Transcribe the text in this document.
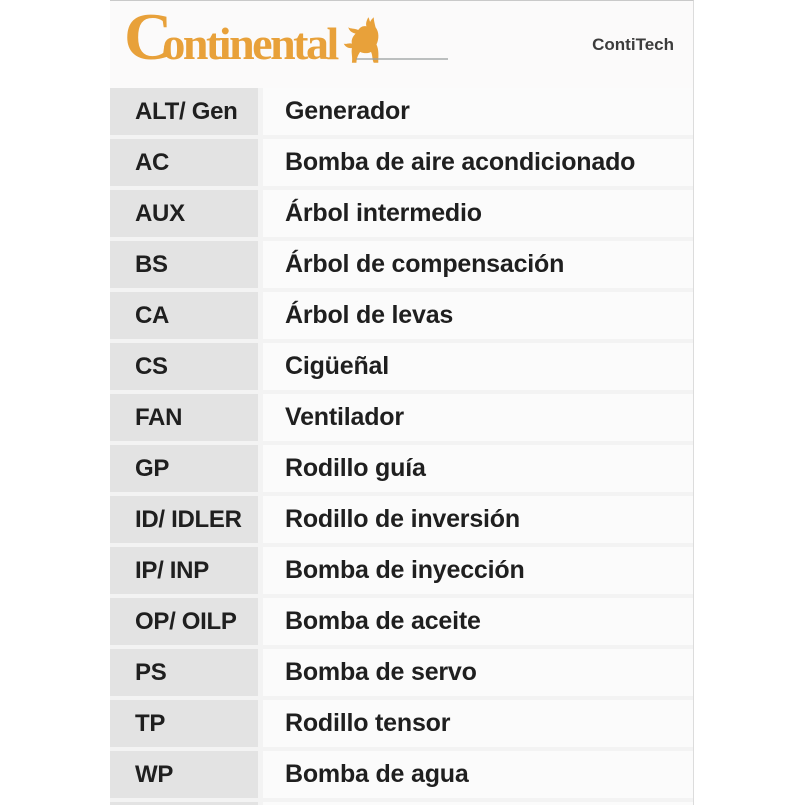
Continental	ContiTech
ALT/ Gen	Generador
AC	Bomba de aire acondicionado
AUX	Árbol intermedio
BS	Árbol de compensación
CA	Árbol de levas
CS	Cigüeñal
FAN	Ventilador
GP	Rodillo guía
ID/ IDLER	Rodillo de inversión
IP/ INP	Bomba de inyección
OP/ OILP	Bomba de aceite
PS	Bomba de servo
TP	Rodillo tensor
WP	Bomba de agua
